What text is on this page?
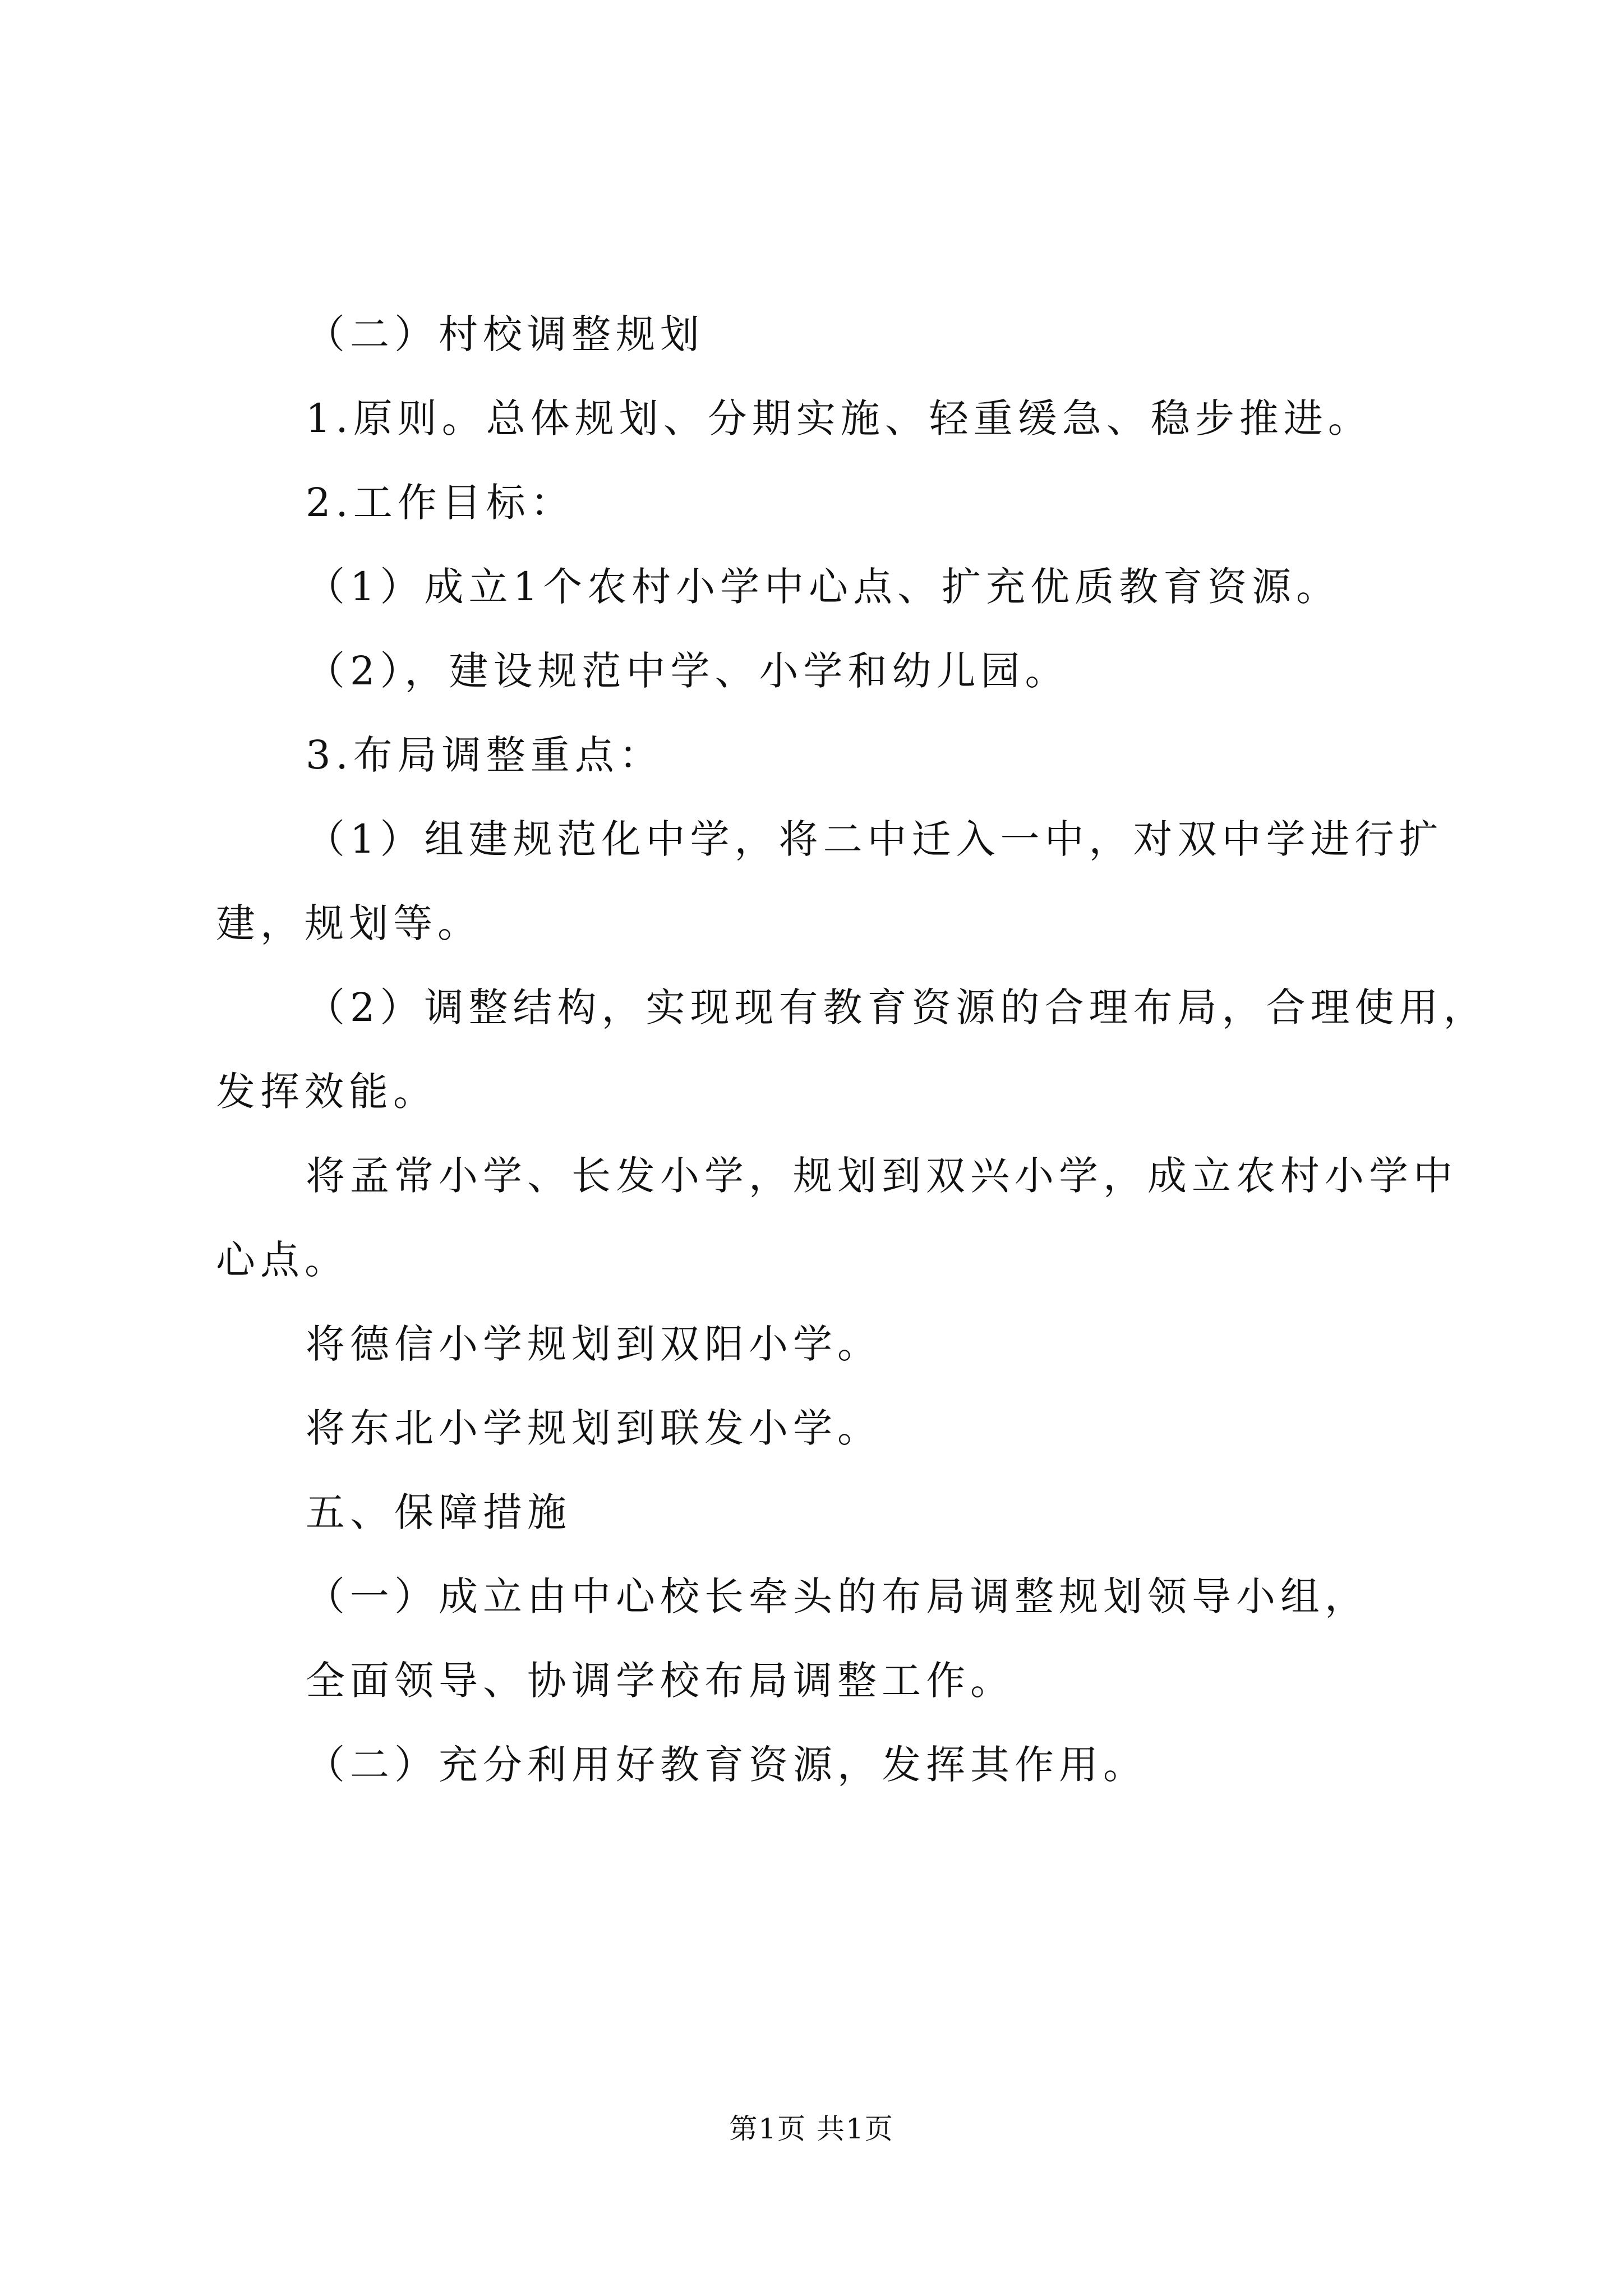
（二）村校调整规划
1.原则。总体规划、分期实施、轻重缓急、稳步推进。
2.工作目标：
（1）成立1个农村小学中心点、扩充优质教育资源。
（2），建设规范中学、小学和幼儿园。
3.布局调整重点：
（1）组建规范化中学，将二中迁入一中，对双中学进行扩
建，规划等。
（2）调整结构，实现现有教育资源的合理布局，合理使用，
发挥效能。
将孟常小学、长发小学，规划到双兴小学，成立农村小学中
心点。
将德信小学规划到双阳小学。
将东北小学规划到联发小学。
五、保障措施
（一）成立由中心校长牵头的布局调整规划领导小组，
全面领导、协调学校布局调整工作。
（二）充分利用好教育资源，发挥其作用。
第1页 共1页
